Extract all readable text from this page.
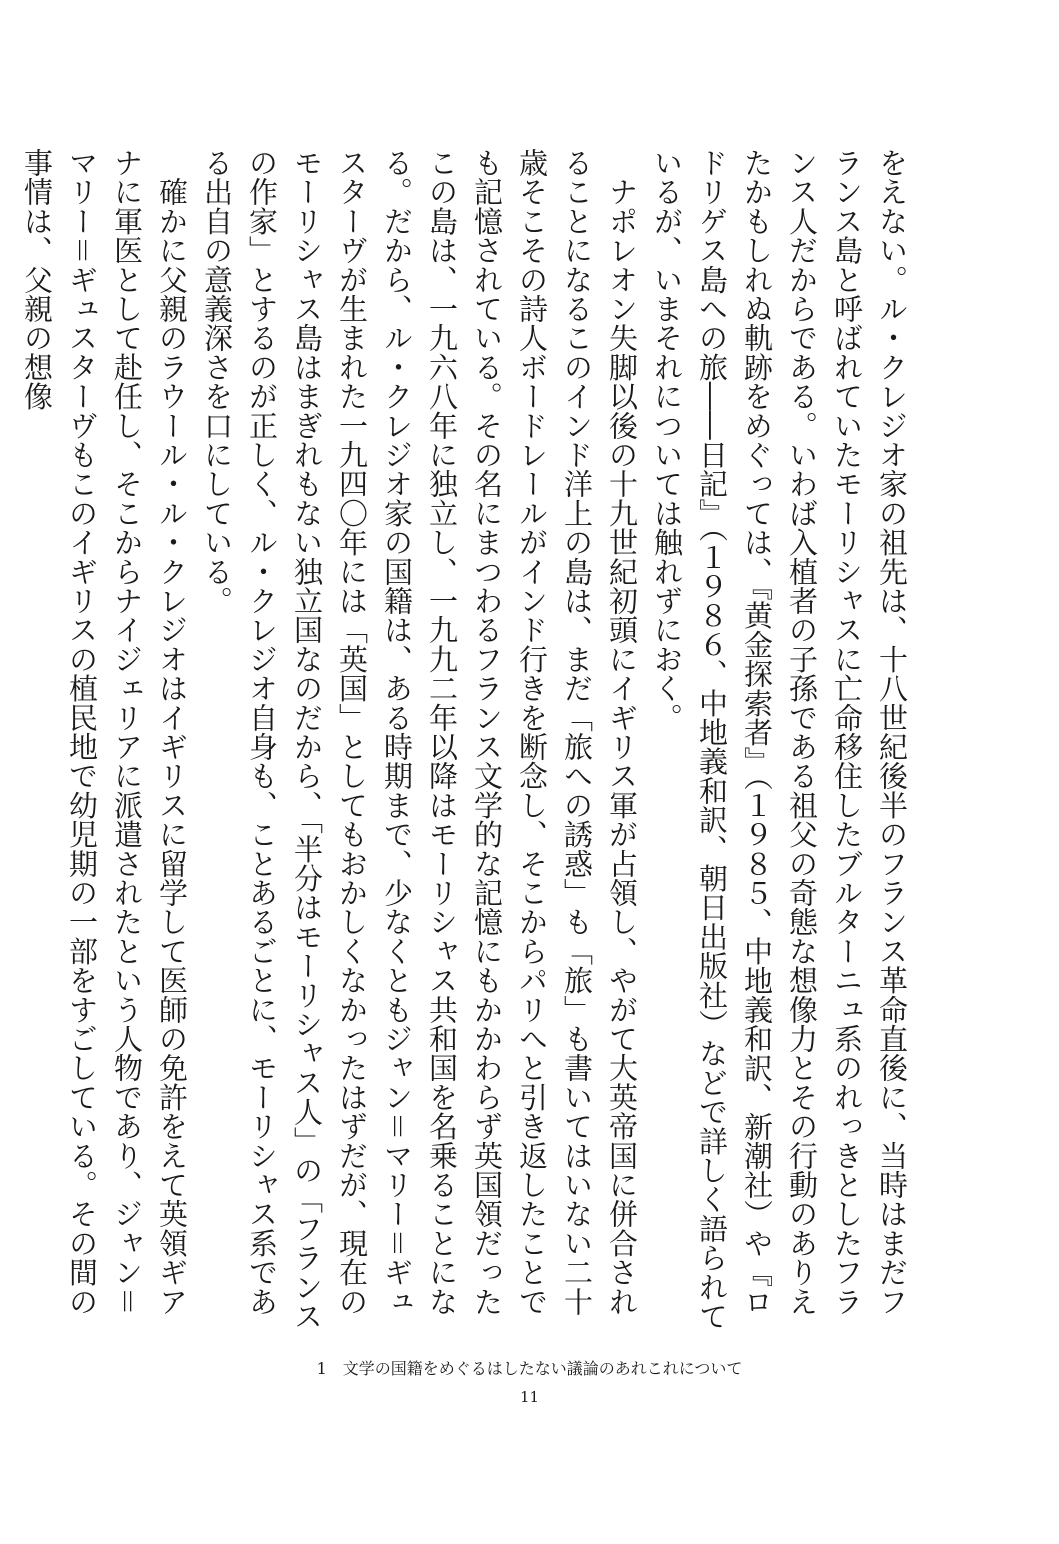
をえない。ル・クレジオ家の祖先は、十八世紀後半のフランス革命直後に、当時はまだフランス島と呼ばれていたモーリシャスに亡命移住したブルターニュ系のれっきとしたフランス人だからである。いわば入植者の子孫である祖父の奇態な想像力とその行動のありえたかもしれぬ軌跡をめぐっては、『黄金探索者』（１９８５、中地義和訳、新潮社）や『ロドリゲス島への旅――日記』（１９８６、中地義和訳、朝日出版社）などで詳しく語られているが、いまそれについては触れずにおく。

　ナポレオン失脚以後の十九世紀初頭にイギリス軍が占領し、やがて大英帝国に併合されることになるこのインド洋上の島は、まだ「旅への誘惑」も「旅」も書いてはいない二十歳そこその詩人ボードレールがインド行きを断念し、そこからパリへと引き返したことでも記憶されている。その名にまつわるフランス文学的な記憶にもかかわらず英国領だったこの島は、一九六八年に独立し、一九九二年以降はモーリシャス共和国を名乗ることになる。だから、ル・クレジオ家の国籍は、ある時期まで、少なくともジャン＝マリー＝ギュスターヴが生まれた一九四〇年には「英国」としてもおかしくなかったはずだが、現在のモーリシャス島はまぎれもない独立国なのだから、「半分はモーリシャス人」の「フランスの作家」とするのが正しく、ル・クレジオ自身も、ことあるごとに、モーリシャス系である出自の意義深さを口にしている。

　確かに父親のラウール・ル・クレジオはイギリスに留学して医師の免許をえて英領ギアナに軍医として赴任し、そこからナイジェリアに派遣されたという人物であり、ジャン＝マリー＝ギュスターヴもこのイギリスの植民地で幼児期の一部をすごしている。その間の事情は、父親の想像

1 文学の国籍をめぐるはしたない議論のあれこれについて
11
